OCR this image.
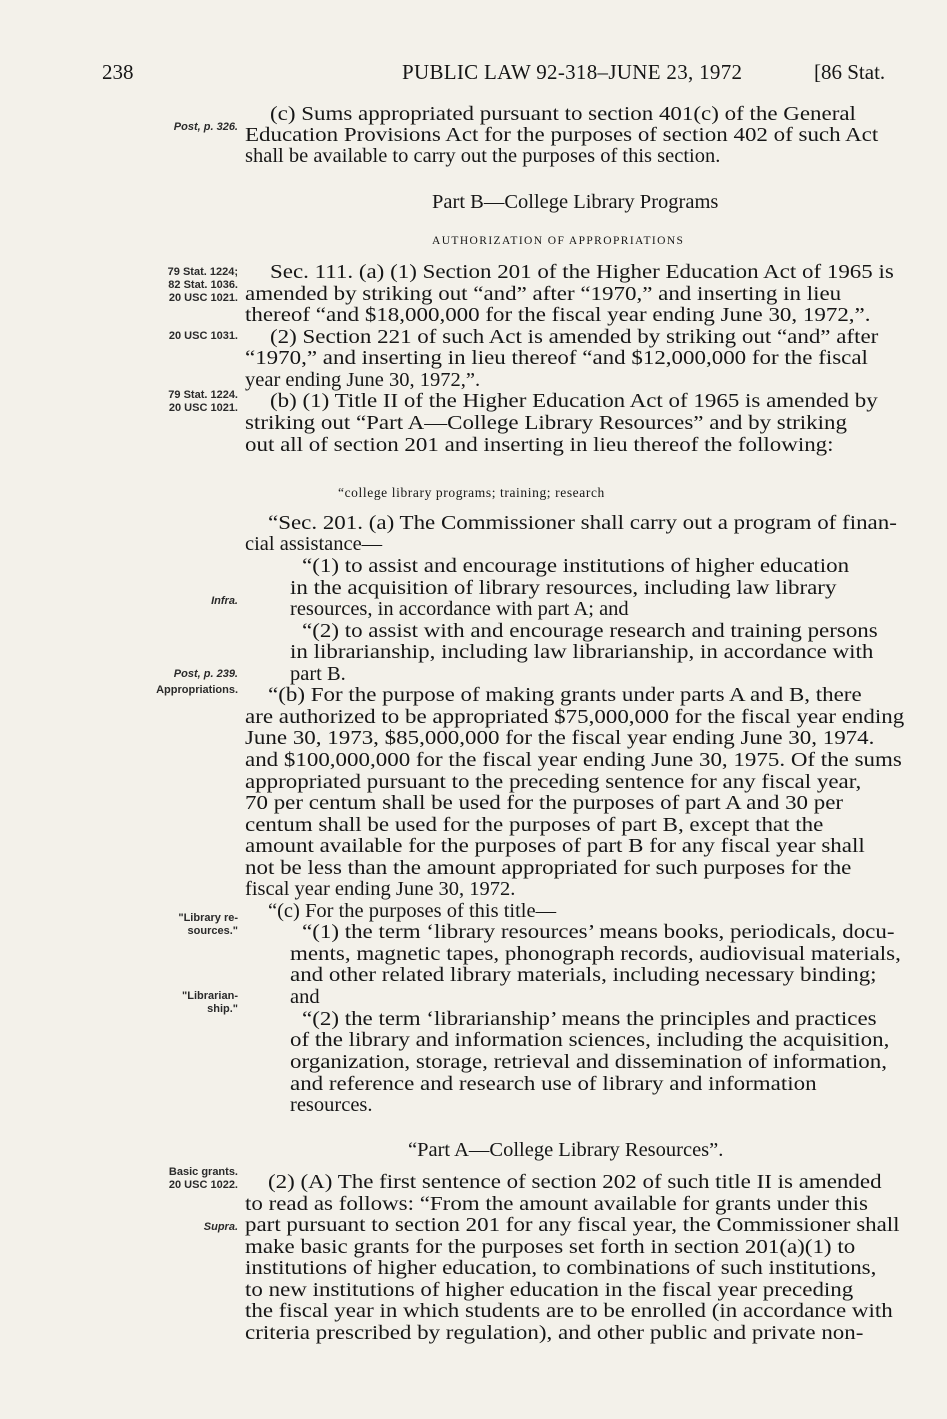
238	PUBLIC LAW 92-318–JUNE 23, 1972	[86 Stat.
Post, p. 326.
79 Stat. 1224;
82 Stat. 1036.
20 USC 1021.
20 USC 1031.
79 Stat. 1224.
20 USC 1021.
Infra.
Post, p. 239.
Appropriations.
"Library re-
sources."
"Librarian-
ship."
Basic grants.
20 USC 1022.
Supra.
(c) Sums appropriated pursuant to section 401(c) of the General
Education Provisions Act for the purposes of section 402 of such Act
shall be available to carry out the purposes of this section.
Part B—College Library Programs
AUTHORIZATION OF APPROPRIATIONS
Sec. 111. (a) (1) Section 201 of the Higher Education Act of 1965 is
amended by striking out “and” after “1970,” and inserting in lieu
thereof “and $18,000,000 for the fiscal year ending June 30, 1972,”.
(2) Section 221 of such Act is amended by striking out “and” after
“1970,” and inserting in lieu thereof “and $12,000,000 for the fiscal
year ending June 30, 1972,”.
(b) (1) Title II of the Higher Education Act of 1965 is amended by
striking out “Part A—College Library Resources” and by striking
out all of section 201 and inserting in lieu thereof the following:
“college library programs; training; research
“Sec. 201. (a) The Commissioner shall carry out a program of finan-
cial assistance—
“(1) to assist and encourage institutions of higher education
in the acquisition of library resources, including law library
resources, in accordance with part A; and
“(2) to assist with and encourage research and training persons
in librarianship, including law librarianship, in accordance with
part B.
“(b) For the purpose of making grants under parts A and B, there
are authorized to be appropriated $75,000,000 for the fiscal year ending
June 30, 1973, $85,000,000 for the fiscal year ending June 30, 1974.
and $100,000,000 for the fiscal year ending June 30, 1975. Of the sums
appropriated pursuant to the preceding sentence for any fiscal year,
70 per centum shall be used for the purposes of part A and 30 per
centum shall be used for the purposes of part B, except that the
amount available for the purposes of part B for any fiscal year shall
not be less than the amount appropriated for such purposes for the
fiscal year ending June 30, 1972.
“(c) For the purposes of this title—
“(1) the term ‘library resources’ means books, periodicals, docu-
ments, magnetic tapes, phonograph records, audiovisual materials,
and other related library materials, including necessary binding;
and
“(2) the term ‘librarianship’ means the principles and practices
of the library and information sciences, including the acquisition,
organization, storage, retrieval and dissemination of information,
and reference and research use of library and information
resources.
“Part A—College Library Resources”.
(2) (A) The first sentence of section 202 of such title II is amended
to read as follows: “From the amount available for grants under this
part pursuant to section 201 for any fiscal year, the Commissioner shall
make basic grants for the purposes set forth in section 201(a)(1) to
institutions of higher education, to combinations of such institutions,
to new institutions of higher education in the fiscal year preceding
the fiscal year in which students are to be enrolled (in accordance with
criteria prescribed by regulation), and other public and private non-
